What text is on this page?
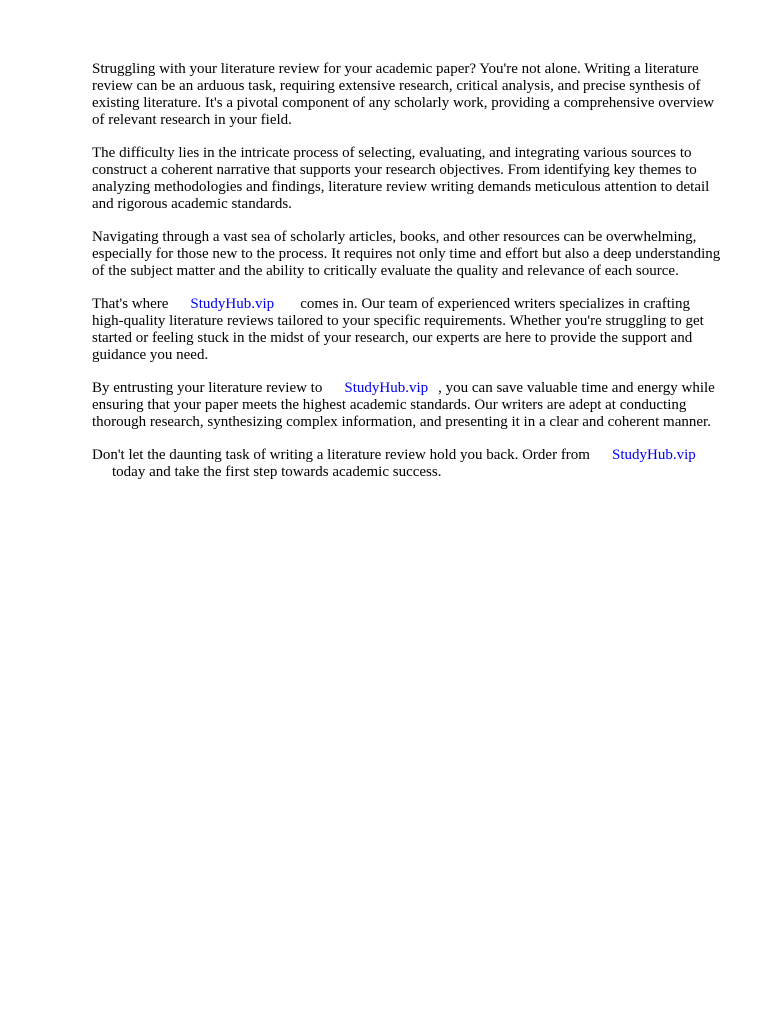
Struggling with your literature review for your academic paper? You're not alone. Writing a literature review can be an arduous task, requiring extensive research, critical analysis, and precise synthesis of existing literature. It's a pivotal component of any scholarly work, providing a comprehensive overview of relevant research in your field.

The difficulty lies in the intricate process of selecting, evaluating, and integrating various sources to construct a coherent narrative that supports your research objectives. From identifying key themes to analyzing methodologies and findings, literature review writing demands meticulous attention to detail and rigorous academic standards.

Navigating through a vast sea of scholarly articles, books, and other resources can be overwhelming, especially for those new to the process. It requires not only time and effort but also a deep understanding of the subject matter and the ability to critically evaluate the quality and relevance of each source.

That's where StudyHub.vip comes in. Our team of experienced writers specializes in crafting high-quality literature reviews tailored to your specific requirements. Whether you're struggling to get started or feeling stuck in the midst of your research, our experts are here to provide the support and guidance you need.

By entrusting your literature review to StudyHub.vip , you can save valuable time and energy while ensuring that your paper meets the highest academic standards. Our writers are adept at conducting thorough research, synthesizing complex information, and presenting it in a clear and coherent manner.

Don't let the daunting task of writing a literature review hold you back. Order from StudyHub.vip
today and take the first step towards academic success.
